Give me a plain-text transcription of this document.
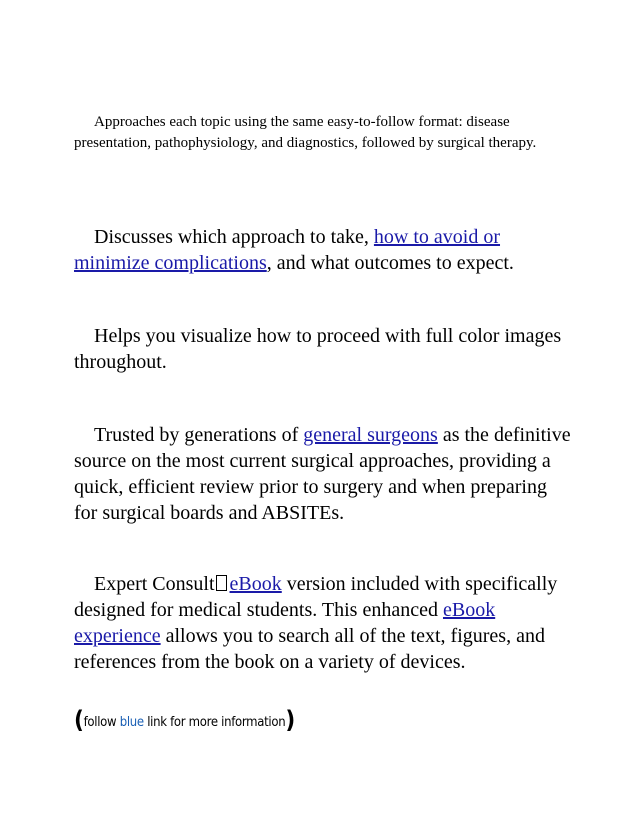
Approaches each topic using the same easy-to-follow format: disease presentation, pathophysiology, and diagnostics, followed by surgical therapy.

Discusses which approach to take, how to avoid or minimize complications, and what outcomes to expect.

Helps you visualize how to proceed with full color images throughout.

Trusted by generations of general surgeons as the definitive source on the most current surgical approaches, providing a quick, efficient review prior to surgery and when preparing for surgical boards and ABSITEs.

Expert Consult eBook version included with specifically designed for medical students. This enhanced eBook experience allows you to search all of the text, figures, and references from the book on a variety of devices.

(follow blue link for more information)
